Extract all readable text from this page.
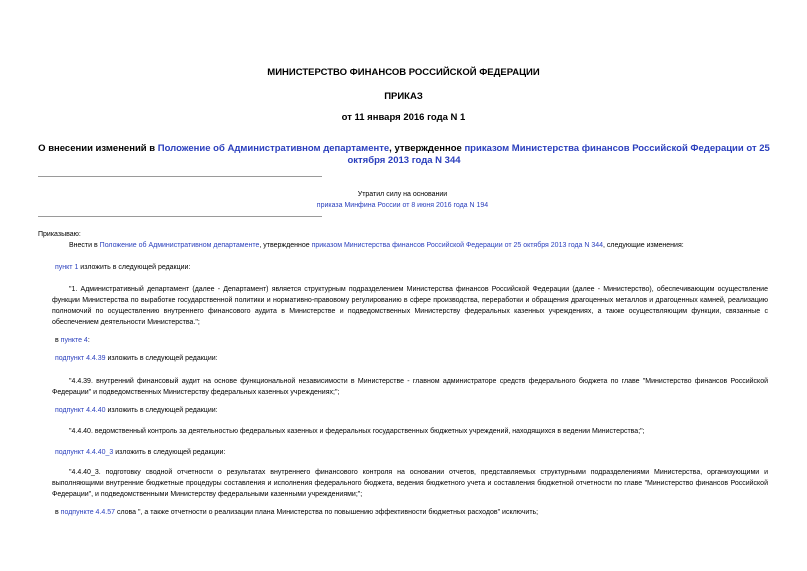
МИНИСТЕРСТВО ФИНАНСОВ РОССИЙСКОЙ ФЕДЕРАЦИИ
ПРИКАЗ
от 11 января 2016 года N 1
О внесении изменений в Положение об Административном департаменте, утвержденное приказом Министерства финансов Российской Федерации от 25 октября 2013 года N 344
Утратил силу на основании
приказа Минфина России от 8 июня 2016 года N 194
Приказываю:
Внести в Положение об Административном департаменте, утвержденное приказом Министерства финансов Российской Федерации от 25 октября 2013 года N 344, следующие изменения:
пункт 1 изложить в следующей редакции:
"1. Административный департамент (далее - Департамент) является структурным подразделением Министерства финансов Российской Федерации (далее - Министерство), обеспечивающим осуществление функции Министерства по выработке государственной политики и нормативно-правовому регулированию в сфере производства, переработки и обращения драгоценных металлов и драгоценных камней, реализацию полномочий по осуществлению внутреннего финансового аудита в Министерстве и подведомственных Министерству федеральных казенных учреждениях, а также осуществляющим функции, связанные с обеспечением деятельности Министерства.";
в пункте 4:
подпункт 4.4.39 изложить в следующей редакции:
"4.4.39. внутренний финансовый аудит на основе функциональной независимости в Министерстве - главном администраторе средств федерального бюджета по главе "Министерство финансов Российской Федерации" и подведомственных Министерству федеральных казенных учреждениях;";
подпункт 4.4.40 изложить в следующей редакции:
"4.4.40. ведомственный контроль за деятельностью федеральных казенных и федеральных государственных бюджетных учреждений, находящихся в ведении Министерства;";
подпункт 4.4.40_3 изложить в следующей редакции:
"4.4.40_3. подготовку сводной отчетности о результатах внутреннего финансового контроля на основании отчетов, представляемых структурными подразделениями Министерства, организующими и выполняющими внутренние бюджетные процедуры составления и исполнения федерального бюджета, ведения бюджетного учета и составления бюджетной отчетности по главе "Министерство финансов Российской Федерации", и подведомственными Министерству федеральными казенными учреждениями;";
в подпункте 4.4.57 слова ", а также отчетности о реализации плана Министерства по повышению эффективности бюджетных расходов" исключить;
